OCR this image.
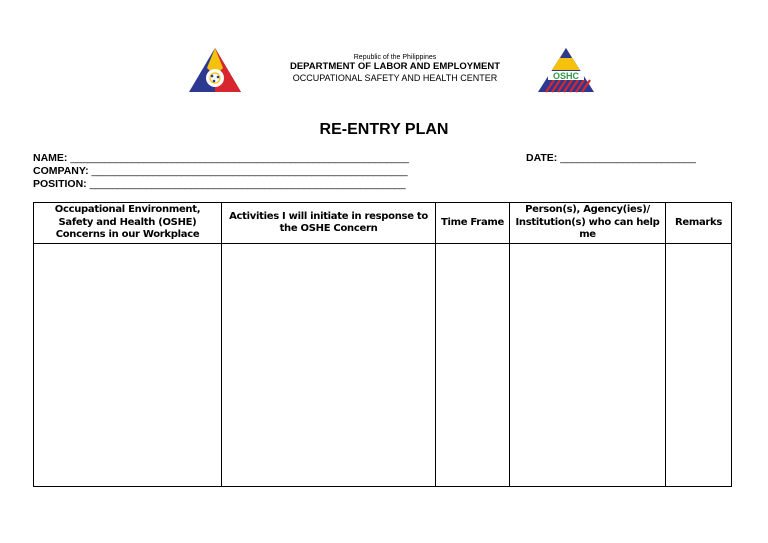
Republic of the Philippines
DEPARTMENT OF LABOR AND EMPLOYMENT
OCCUPATIONAL SAFETY AND HEALTH CENTER	OSHC
RE-ENTRY PLAN
NAME: ____________________________________________________________
COMPANY: ________________________________________________________
POSITION: ________________________________________________________
DATE: ________________________
Occupational Environment, Safety and Health (OSHE) Concerns in our Workplace	Activities I will initiate in response to the OSHE Concern	Time Frame	Person(s), Agency(ies)/ Institution(s) who can help me	Remarks
